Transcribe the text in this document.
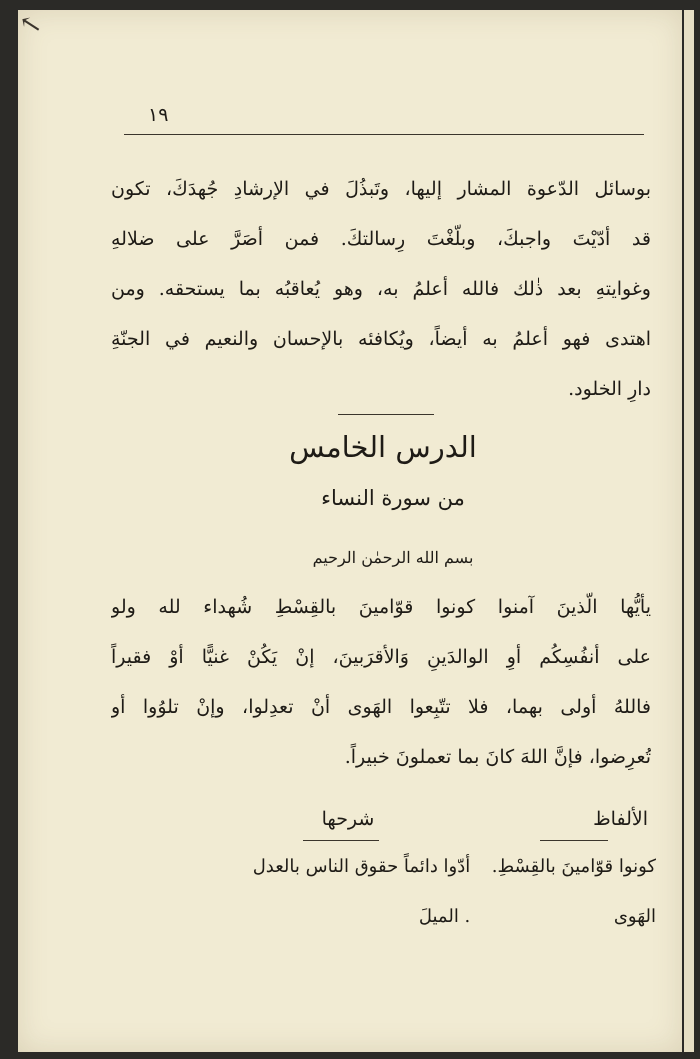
↖
١٩
بوسائل الدّعوة المشار إليها، وتَبذُلَ في الإرشادِ جُهدَكَ، تكون
قد أدّيْتَ واجبكَ، وبلّغْتَ رِسالتكَ. فمن أصَرَّ على ضلالهِ
وغوايتهِ بعد ذٰلك فالله أعلمُ به، وهو يُعاقبُه بما يستحقه. ومن
اهتدى فهو أعلمُ به أيضاً، ويُكافئه بالإحسان والنعيم في الجنّةِ
دارِ الخلود.
الدرس الخامس
من سورة النساء
بسم الله الرحمٰن الرحيم
يأيُّها الّذينَ آمنوا كونوا قوّامينَ بالقِسْطِ شُهداء لله ولو
على أنفُسِكُم أوِ الوالدَينِ وَالأقرَبينَ، إنْ يَكُنْ غنيًّا أوْ فقيراً
فاللهُ أولى بهما، فلا تتّبِعوا الهَوى أنْ تعدِلوا، وإنْ تلوُوا أو
تُعرِضوا، فإنَّ اللهَ كانَ بما تعملونَ خبيراً.
الألفاظ
شرحها
كونوا قوّامينَ بالقِسْطِ. أدّوا دائماً حقوق الناس بالعدل
الهَوى . الميلَ
